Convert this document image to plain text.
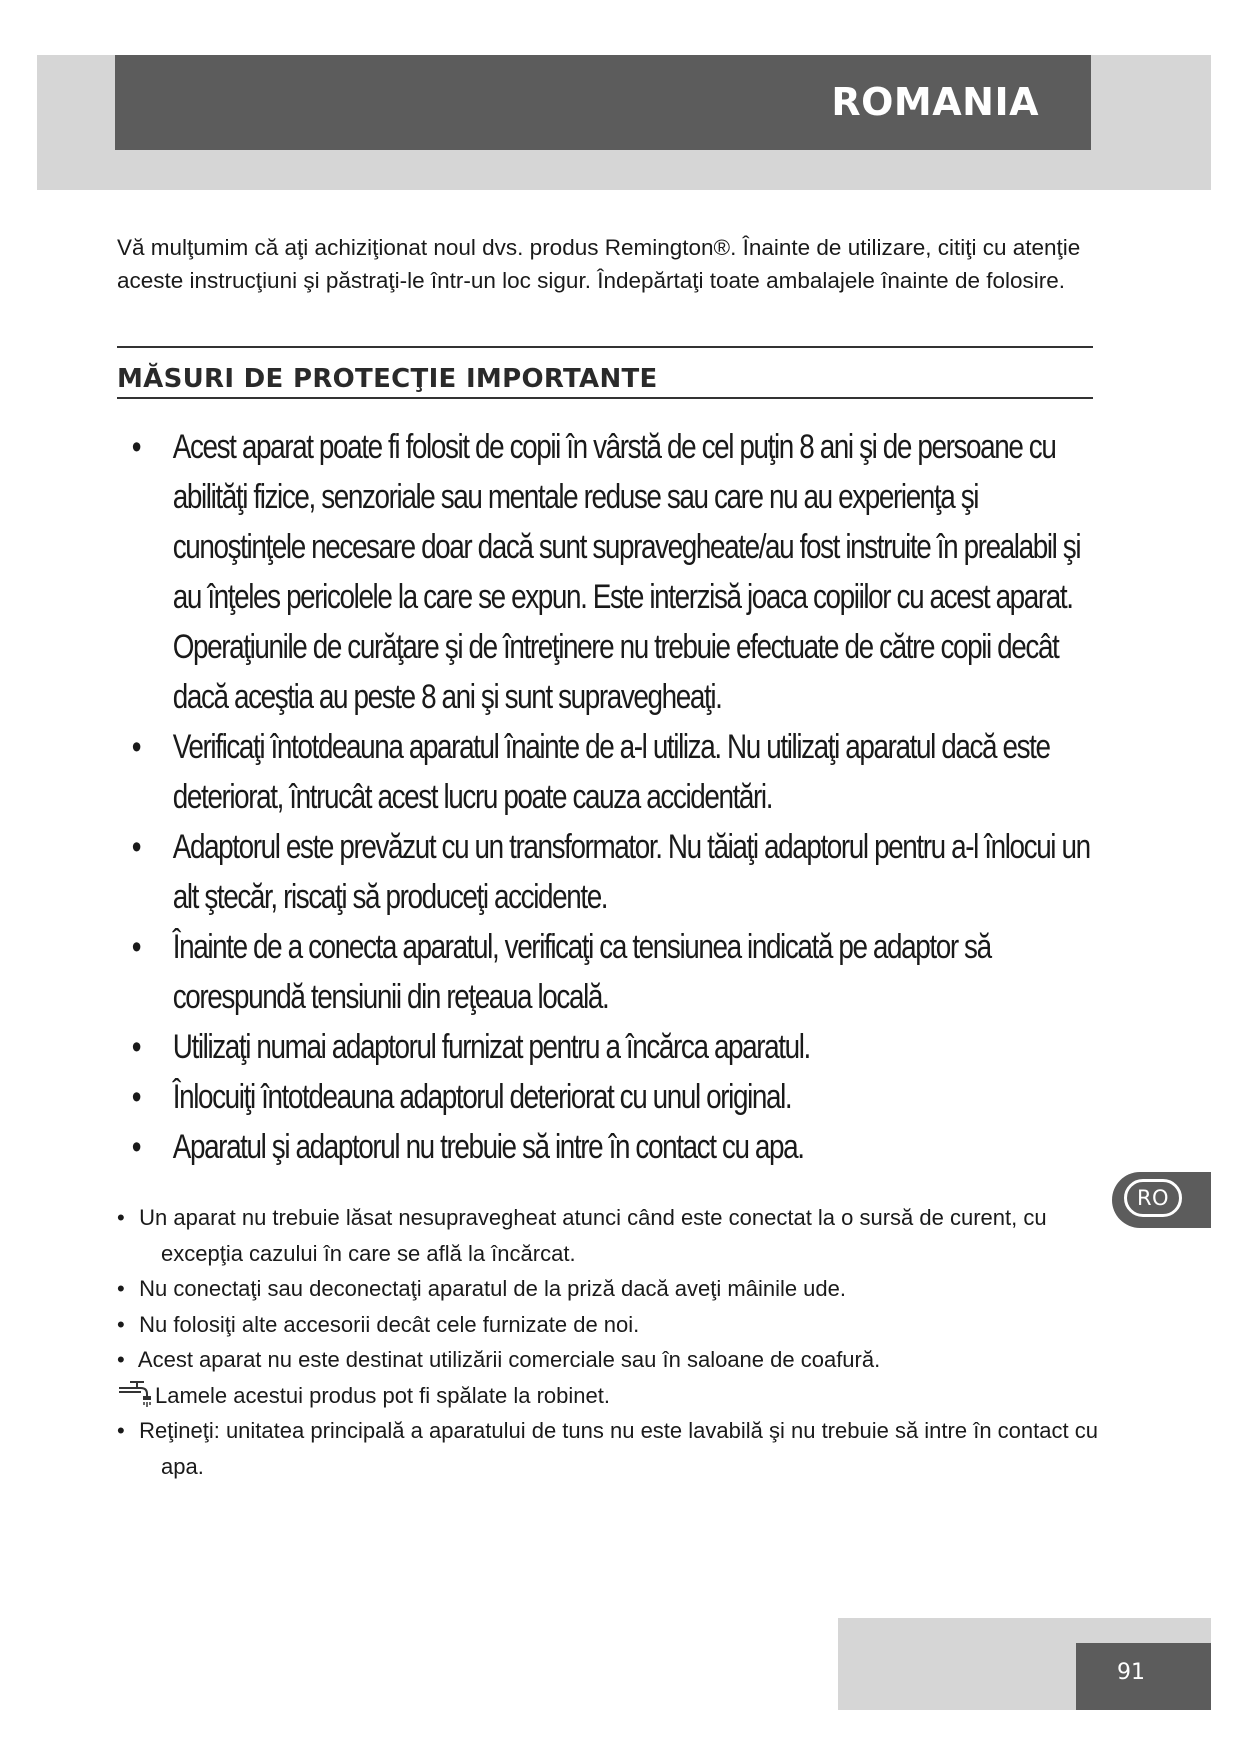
ROMANIA
Vă mulţumim că aţi achiziţionat noul dvs. produs Remington®. Înainte de utilizare, citiţi cu atenţie aceste instrucţiuni şi păstraţi-le într-un loc sigur. Îndepărtaţi toate ambalajele înainte de folosire.
MĂSURI DE PROTECŢIE IMPORTANTE
• Acest aparat poate fi folosit de copii în vârstă de cel puţin 8 ani şi de persoane cu abilităţi fizice, senzoriale sau mentale reduse sau care nu au experienţa şi cunoştinţele necesare doar dacă sunt supravegheate/au fost instruite în prealabil şi au înţeles pericolele la care se expun. Este interzisă joaca copiilor cu acest aparat. Operaţiunile de curăţare şi de întreţinere nu trebuie efectuate de către copii decât dacă aceştia au peste 8 ani şi sunt supravegheaţi.
• Verificaţi întotdeauna aparatul înainte de a-l utiliza. Nu utilizaţi aparatul dacă este deteriorat, întrucât acest lucru poate cauza accidentări.
• Adaptorul este prevăzut cu un transformator. Nu tăiaţi adaptorul pentru a-l înlocui un alt ştecăr, riscaţi să produceţi accidente.
• Înainte de a conecta aparatul, verificaţi ca tensiunea indicată pe adaptor să corespundă tensiunii din reţeaua locală.
• Utilizaţi numai adaptorul furnizat pentru a încărca aparatul.
• Înlocuiţi întotdeauna adaptorul deteriorat cu unul original.
• Aparatul şi adaptorul nu trebuie să intre în contact cu apa.
• Un aparat nu trebuie lăsat nesupravegheat atunci când este conectat la o sursă de curent, cu excepţia cazului în care se află la încărcat.
• Nu conectaţi sau deconectaţi aparatul de la priză dacă aveţi mâinile ude.
• Nu folosiţi alte accesorii decât cele furnizate de noi.
• Acest aparat nu este destinat utilizării comerciale sau în saloane de coafură.
Lamele acestui produs pot fi spălate la robinet.
• Reţineţi: unitatea principală a aparatului de tuns nu este lavabilă şi nu trebuie să intre în contact cu apa.
RO
91
